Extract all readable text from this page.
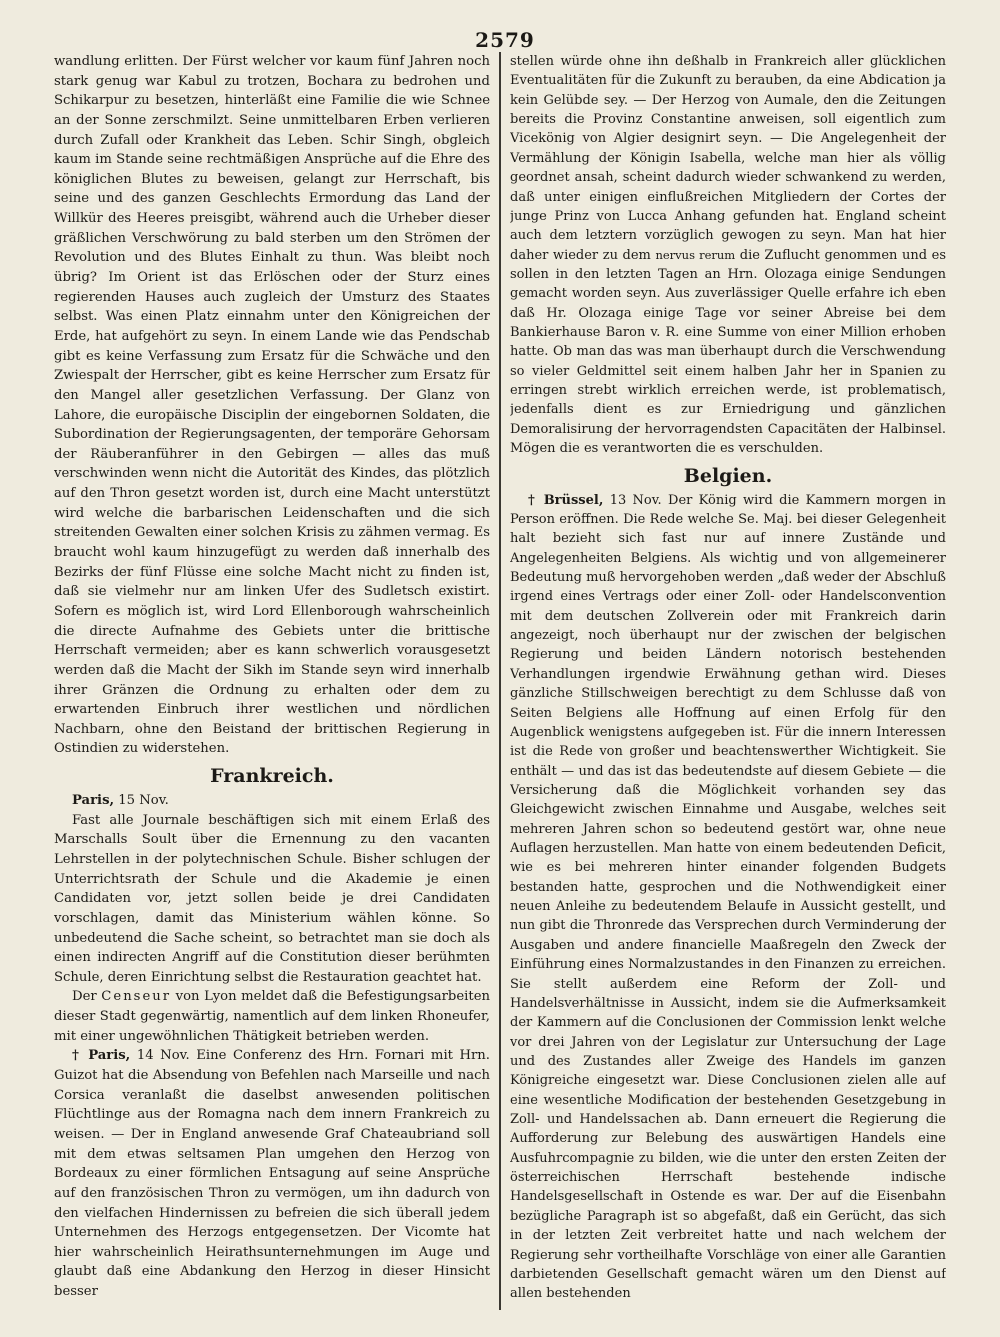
2579

wandlung erlitten. Der Fürst welcher vor kaum fünf Jahren noch stark genug war Kabul zu trotzen, Bochara zu bedrohen und Schikarpur zu besetzen, hinterläßt eine Familie die wie Schnee an der Sonne zerschmilzt. Seine unmittelbaren Erben verlieren durch Zufall oder Krankheit das Leben. Schir Singh, obgleich kaum im Stande seine rechtmäßigen Ansprüche auf die Ehre des königlichen Blutes zu beweisen, gelangt zur Herrschaft, bis seine und des ganzen Geschlechts Ermordung das Land der Willkür des Heeres preisgibt, während auch die Urheber dieser gräßlichen Verschwörung zu bald sterben um den Strömen der Revolution und des Blutes Einhalt zu thun. Was bleibt noch übrig? Im Orient ist das Erlöschen oder der Sturz eines regierenden Hauses auch zugleich der Umsturz des Staates selbst. Was einen Platz einnahm unter den Königreichen der Erde, hat aufgehört zu seyn. In einem Lande wie das Pendschab gibt es keine Verfassung zum Ersatz für die Schwäche und den Zwiespalt der Herrscher, gibt es keine Herrscher zum Ersatz für den Mangel aller gesetzlichen Verfassung. Der Glanz von Lahore, die europäische Disciplin der eingebornen Soldaten, die Subordination der Regierungsagenten, der temporäre Gehorsam der Räuberanführer in den Gebirgen — alles das muß verschwinden wenn nicht die Autorität des Kindes, das plötzlich auf den Thron gesetzt worden ist, durch eine Macht unterstützt wird welche die barbarischen Leidenschaften und die sich streitenden Gewalten einer solchen Krisis zu zähmen vermag. Es braucht wohl kaum hinzugefügt zu werden daß innerhalb des Bezirks der fünf Flüsse eine solche Macht nicht zu finden ist, daß sie vielmehr nur am linken Ufer des Sudletsch existirt. Sofern es möglich ist, wird Lord Ellenborough wahrscheinlich die directe Aufnahme des Gebiets unter die brittische Herrschaft vermeiden; aber es kann schwerlich vorausgesetzt werden daß die Macht der Sikh im Stande seyn wird innerhalb ihrer Gränzen die Ordnung zu erhalten oder dem zu erwartenden Einbruch ihrer westlichen und nördlichen Nachbarn, ohne den Beistand der brittischen Regierung in Ostindien zu widerstehen.

Frankreich.

Paris, 15 Nov.

Fast alle Journale beschäftigen sich mit einem Erlaß des Marschalls Soult über die Ernennung zu den vacanten Lehrstellen in der polytechnischen Schule. Bisher schlugen der Unterrichtsrath der Schule und die Akademie je einen Candidaten vor, jetzt sollen beide je drei Candidaten vorschlagen, damit das Ministerium wählen könne. So unbedeutend die Sache scheint, so betrachtet man sie doch als einen indirecten Angriff auf die Constitution dieser berühmten Schule, deren Einrichtung selbst die Restauration geachtet hat.

Der Censeur von Lyon meldet daß die Befestigungsarbeiten dieser Stadt gegenwärtig, namentlich auf dem linken Rhoneufer, mit einer ungewöhnlichen Thätigkeit betrieben werden.

† Paris, 14 Nov. Eine Conferenz des Hrn. Fornari mit Hrn. Guizot hat die Absendung von Befehlen nach Marseille und nach Corsica veranlaßt die daselbst anwesenden politischen Flüchtlinge aus der Romagna nach dem innern Frankreich zu weisen. — Der in England anwesende Graf Chateaubriand soll mit dem etwas seltsamen Plan umgehen den Herzog von Bordeaux zu einer förmlichen Entsagung auf seine Ansprüche auf den französischen Thron zu vermögen, um ihn dadurch von den vielfachen Hindernissen zu befreien die sich überall jedem Unternehmen des Herzogs entgegensetzen. Der Vicomte hat hier wahrscheinlich Heirathsunternehmungen im Auge und glaubt daß eine Abdankung den Herzog in dieser Hinsicht besser

stellen würde ohne ihn deßhalb in Frankreich aller glücklichen Eventualitäten für die Zukunft zu berauben, da eine Abdication ja kein Gelübde sey. — Der Herzog von Aumale, den die Zeitungen bereits die Provinz Constantine anweisen, soll eigentlich zum Vicekönig von Algier designirt seyn. — Die Angelegenheit der Vermählung der Königin Isabella, welche man hier als völlig geordnet ansah, scheint dadurch wieder schwankend zu werden, daß unter einigen einflußreichen Mitgliedern der Cortes der junge Prinz von Lucca Anhang gefunden hat. England scheint auch dem letztern vorzüglich gewogen zu seyn. Man hat hier daher wieder zu dem nervus rerum die Zuflucht genommen und es sollen in den letzten Tagen an Hrn. Olozaga einige Sendungen gemacht worden seyn. Aus zuverlässiger Quelle erfahre ich eben daß Hr. Olozaga einige Tage vor seiner Abreise bei dem Bankierhause Baron v. R. eine Summe von einer Million erhoben hatte. Ob man das was man überhaupt durch die Verschwendung so vieler Geldmittel seit einem halben Jahr her in Spanien zu erringen strebt wirklich erreichen werde, ist problematisch, jedenfalls dient es zur Erniedrigung und gänzlichen Demoralisirung der hervorragendsten Capacitäten der Halbinsel. Mögen die es verantworten die es verschulden.

Belgien.

† Brüssel, 13 Nov. Der König wird die Kammern morgen in Person eröffnen. Die Rede welche Se. Maj. bei dieser Gelegenheit halt bezieht sich fast nur auf innere Zustände und Angelegenheiten Belgiens. Als wichtig und von allgemeinerer Bedeutung muß hervorgehoben werden „daß weder der Abschluß irgend eines Vertrags oder einer Zoll- oder Handelsconvention mit dem deutschen Zollverein oder mit Frankreich darin angezeigt, noch überhaupt nur der zwischen der belgischen Regierung und beiden Ländern notorisch bestehenden Verhandlungen irgendwie Erwähnung gethan wird. Dieses gänzliche Stillschweigen berechtigt zu dem Schlusse daß von Seiten Belgiens alle Hoffnung auf einen Erfolg für den Augenblick wenigstens aufgegeben ist. Für die innern Interessen ist die Rede von großer und beachtenswerther Wichtigkeit. Sie enthält — und das ist das bedeutendste auf diesem Gebiete — die Versicherung daß die Möglichkeit vorhanden sey das Gleichgewicht zwischen Einnahme und Ausgabe, welches seit mehreren Jahren schon so bedeutend gestört war, ohne neue Auflagen herzustellen. Man hatte von einem bedeutenden Deficit, wie es bei mehreren hinter einander folgenden Budgets bestanden hatte, gesprochen und die Nothwendigkeit einer neuen Anleihe zu bedeutendem Belaufe in Aussicht gestellt, und nun gibt die Thronrede das Versprechen durch Verminderung der Ausgaben und andere financielle Maaßregeln den Zweck der Einführung eines Normalzustandes in den Finanzen zu erreichen. Sie stellt außerdem eine Reform der Zoll- und Handelsverhältnisse in Aussicht, indem sie die Aufmerksamkeit der Kammern auf die Conclusionen der Commission lenkt welche vor drei Jahren von der Legislatur zur Untersuchung der Lage und des Zustandes aller Zweige des Handels im ganzen Königreiche eingesetzt war. Diese Conclusionen zielen alle auf eine wesentliche Modification der bestehenden Gesetzgebung in Zoll- und Handelssachen ab. Dann erneuert die Regierung die Aufforderung zur Belebung des auswärtigen Handels eine Ausfuhrcompagnie zu bilden, wie die unter den ersten Zeiten der österreichischen Herrschaft bestehende indische Handelsgesellschaft in Ostende es war. Der auf die Eisenbahn bezügliche Paragraph ist so abgefaßt, daß ein Gerücht, das sich in der letzten Zeit verbreitet hatte und nach welchem der Regierung sehr vortheilhafte Vorschläge von einer alle Garantien darbietenden Gesellschaft gemacht wären um den Dienst auf allen bestehenden
